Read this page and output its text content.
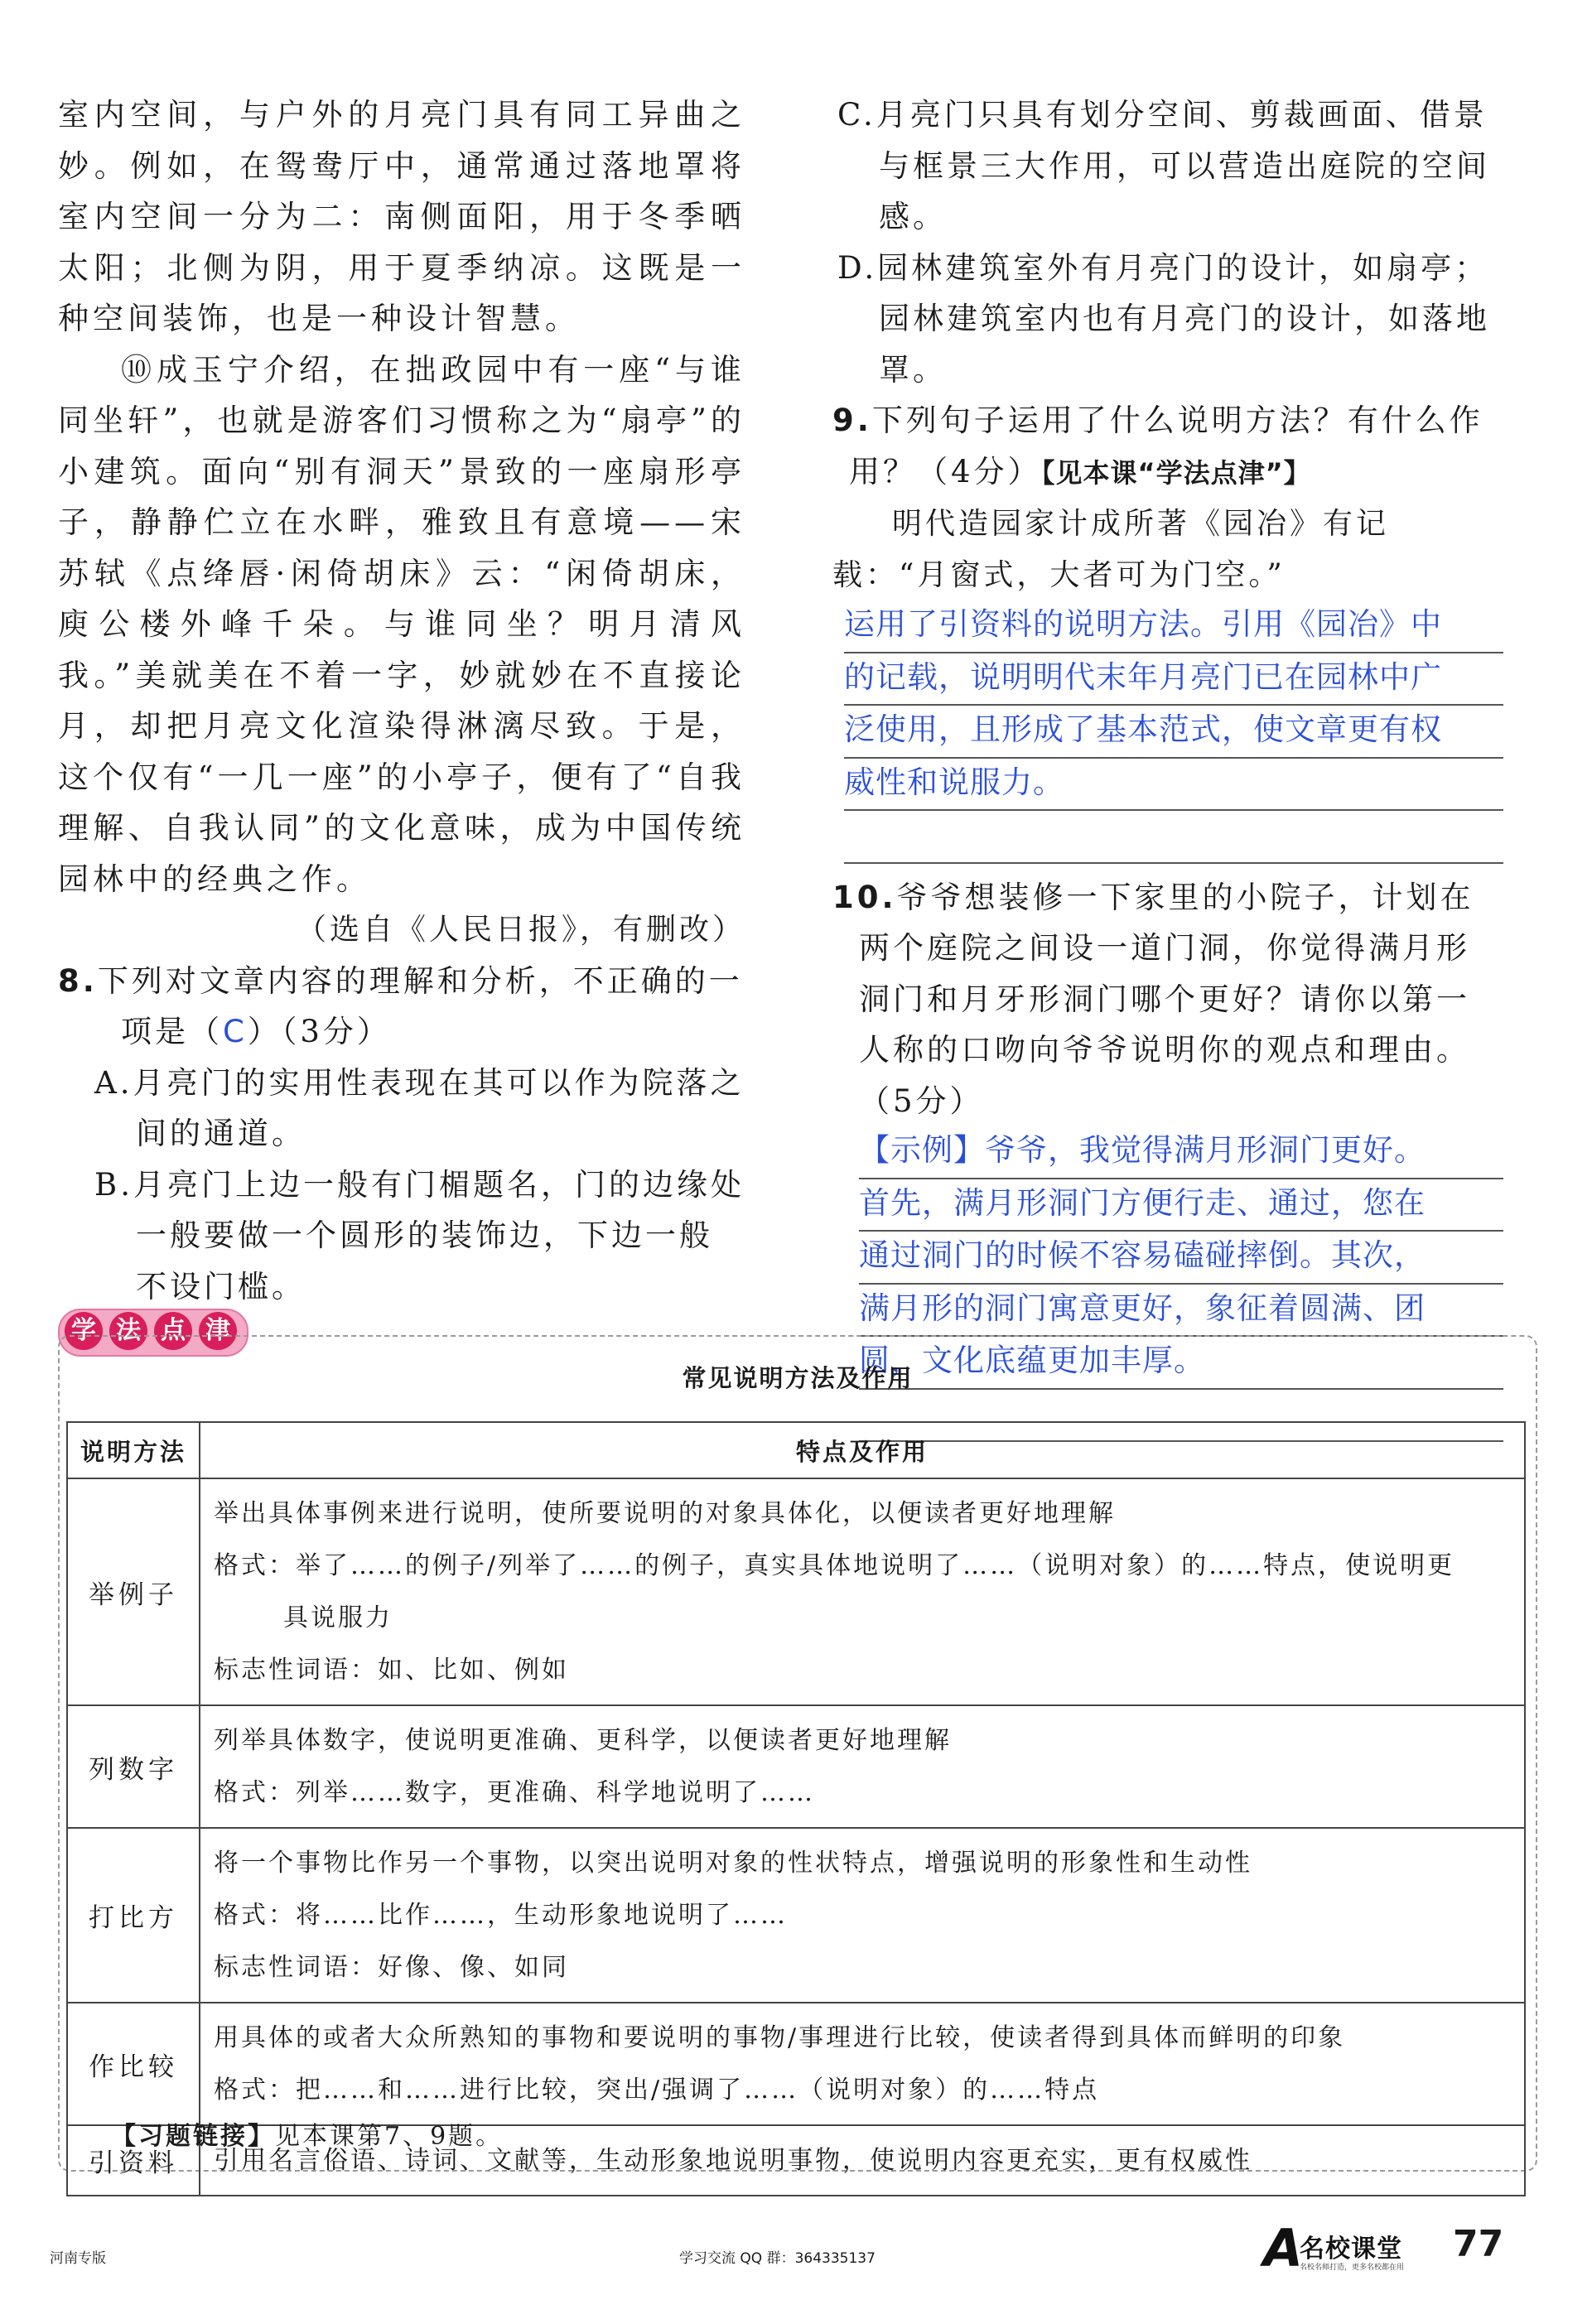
室内空间，与户外的月亮门具有同工异曲之妙。例如，在鸳鸯厅中，通常通过落地罩将室内空间一分为二：南侧面阳，用于冬季晒太阳；北侧为阴，用于夏季纳凉。这既是一种空间装饰，也是一种设计智慧。

⑩成玉宁介绍，在拙政园中有一座“与谁同坐轩”，也就是游客们习惯称之为“扇亭”的小建筑。面向“别有洞天”景致的一座扇形亭子，静静伫立在水畔，雅致且有意境——宋苏轼《点绛唇·闲倚胡床》云：“闲倚胡床，庾公楼外峰千朵。与谁同坐？明月清风我。”美就美在不着一字，妙就妙在不直接论月，却把月亮文化渲染得淋漓尽致。于是，这个仅有“一几一座”的小亭子，便有了“自我理解、自我认同”的文化意味，成为中国传统园林中的经典之作。

（选自《人民日报》，有删改）

8.下列对文章内容的理解和分析，不正确的一项是（C）（3分）

A.月亮门的实用性表现在其可以作为院落之间的通道。

B.月亮门上边一般有门楣题名，门的边缘处一般要做一个圆形的装饰边，下边一般不设门槛。

C.月亮门只具有划分空间、剪裁画面、借景与框景三大作用，可以营造出庭院的空间感。

D.园林建筑室外有月亮门的设计，如扇亭；园林建筑室内也有月亮门的设计，如落地罩。

9.下列句子运用了什么说明方法？有什么作用？（4分）【见本课“学法点津”】

明代造园家计成所著《园冶》有记载：“月窗式，大者可为门空。”

运用了引资料的说明方法。引用《园冶》中
的记载，说明明代末年月亮门已在园林中广
泛使用，且形成了基本范式，使文章更有权
威性和说服力。

10.爷爷想装修一下家里的小院子，计划在两个庭院之间设一道门洞，你觉得满月形洞门和月牙形洞门哪个更好？请你以第一人称的口吻向爷爷说明你的观点和理由。（5分）

【示例】爷爷，我觉得满月形洞门更好。
首先，满月形洞门方便行走、通过，您在
通过洞门的时候不容易磕碰摔倒。其次，
满月形的洞门寓意更好，象征着圆满、团
圆，文化底蕴更加丰厚。
学 法 点 津
常见说明方法及作用
说明方法	特点及作用
举例子	举出具体事例来进行说明，使所要说明的对象具体化，以便读者更好地理解
格式：举了……的例子/列举了……的例子，真实具体地说明了……（说明对象）的……特点，使说明更
具说服力
标志性词语：如、比如、例如

列数字	列举具体数字，使说明更准确、更科学，以便读者更好地理解
格式：列举……数字，更准确、科学地说明了……

打比方	将一个事物比作另一个事物，以突出说明对象的性状特点，增强说明的形象性和生动性
格式：将……比作……，生动形象地说明了……
标志性词语：好像、像、如同

作比较	用具体的或者大众所熟知的事物和要说明的事物/事理进行比较，使读者得到具体而鲜明的印象
格式：把……和……进行比较，突出/强调了……（说明对象）的……特点

引资料	引用名言俗语、诗词、文献等，生动形象地说明事物，使说明内容更充实，更有权威性
【习题链接】见本课第7、9题。
河南专版	学习交流 QQ 群：364335137	A
名校课堂
名校名师打造，更多名校都在用
77
